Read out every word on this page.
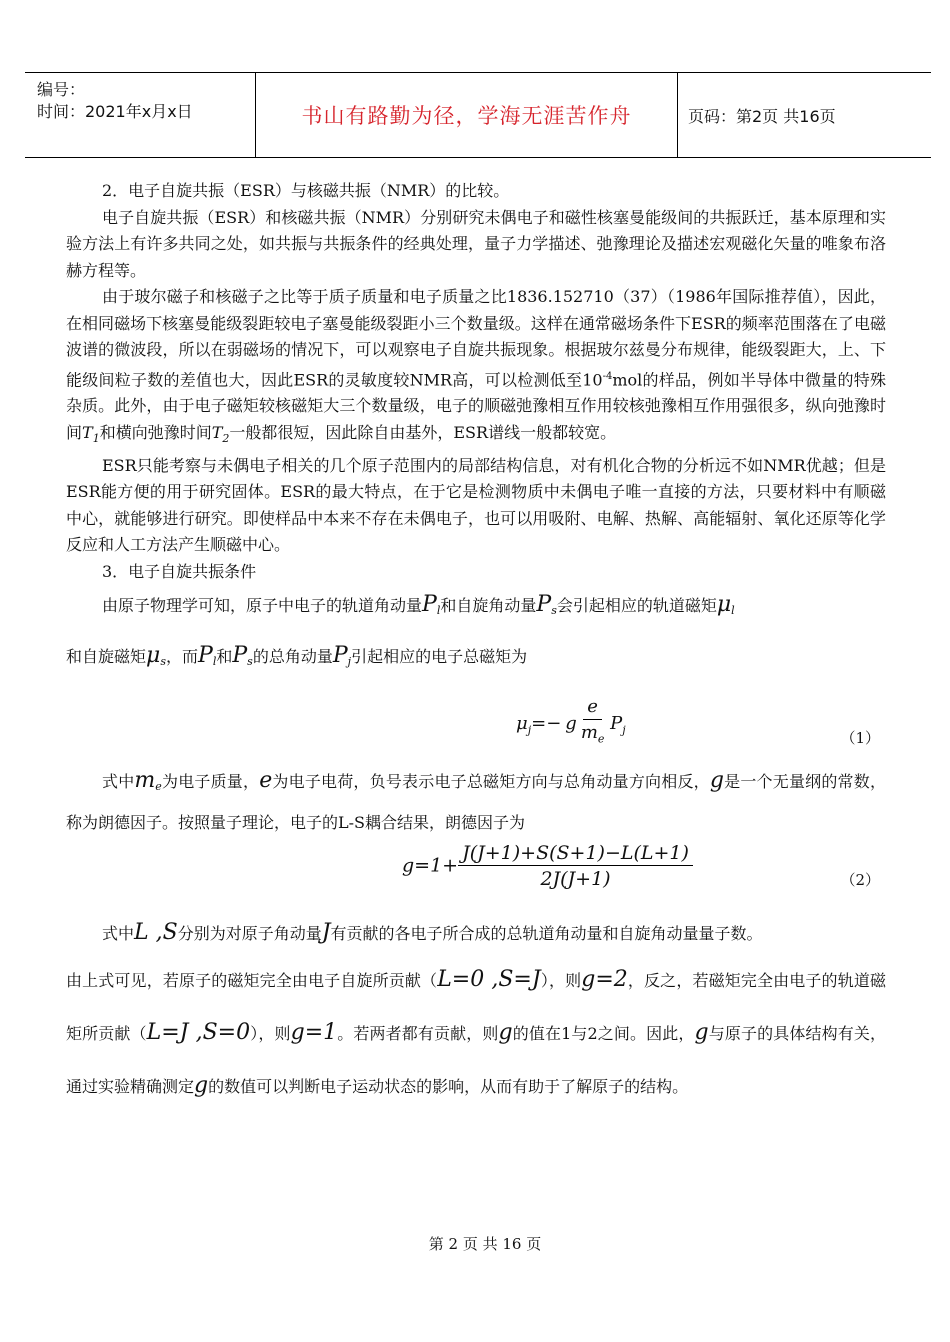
编号：
时间：2021年x月x日	书山有路勤为径，学海无涯苦作舟	页码：第2页 共16页

2．电子自旋共振（ESR）与核磁共振（NMR）的比较。

电子自旋共振（ESR）和核磁共振（NMR）分别研究未偶电子和磁性核塞曼能级间的共振跃迁，基本原理和实验方法上有许多共同之处，如共振与共振条件的经典处理，量子力学描述、弛豫理论及描述宏观磁化矢量的唯象布洛赫方程等。

由于玻尔磁子和核磁子之比等于质子质量和电子质量之比1836.152710（37）（1986年国际推荐值），因此，在相同磁场下核塞曼能级裂距较电子塞曼能级裂距小三个数量级。这样在通常磁场条件下ESR的频率范围落在了电磁波谱的微波段，所以在弱磁场的情况下，可以观察电子自旋共振现象。根据玻尔兹曼分布规律，能级裂距大，上、下能级间粒子数的差值也大，因此ESR的灵敏度较NMR高，可以检测低至$10^{-4}mol$的样品，例如半导体中微量的特殊杂质。此外，由于电子磁矩较核磁矩大三个数量级，电子的顺磁弛豫相互作用较核弛豫相互作用强很多，纵向弛豫时间$T_1$和横向弛豫时间$T_2$一般都很短，因此除自由基外，ESR谱线一般都较宽。

ESR只能考察与未偶电子相关的几个原子范围内的局部结构信息，对有机化合物的分析远不如NMR优越；但是ESR能方便的用于研究固体。ESR的最大特点，在于它是检测物质中未偶电子唯一直接的方法，只要材料中有顺磁中心，就能够进行研究。即使样品中本来不存在未偶电子，也可以用吸附、电解、热解、高能辐射、氧化还原等化学反应和人工方法产生顺磁中心。

3．电子自旋共振条件

由原子物理学可知，原子中电子的轨道角动量$P_l$和自旋角动量$P_s$会引起相应的轨道磁矩$\mu_l$

和自旋磁矩$\mu_s$，而$P_l$和$P_s$的总角动量$P_j$引起相应的电子总磁矩为

$\mu_j=- g \frac{e}{m_e} P_j$	（1）

式中$m_e$为电子质量，e为电子电荷，负号表示电子总磁矩方向与总角动量方向相反，g是一个无量纲的常数，称为朗德因子。按照量子理论，电子的L-S耦合结果，朗德因子为

$g=1+ \frac{J(J+1)+S(S+1)-L(L+1)}{2J(J+1)}$	（2）

式中L ,S分别为对原子角动量J有贡献的各电子所合成的总轨道角动量和自旋角动量量子数。

由上式可见，若原子的磁矩完全由电子自旋所贡献（L=0 ,S=J），则g=2，反之，若磁矩完全由电子的轨道磁矩所贡献（L=J ,S=0），则g=1。若两者都有贡献，则g的值在1与2之间。因此，g与原子的具体结构有关，通过实验精确测定g的数值可以判断电子运动状态的影响，从而有助于了解原子的结构。

第 2 页 共 16 页
